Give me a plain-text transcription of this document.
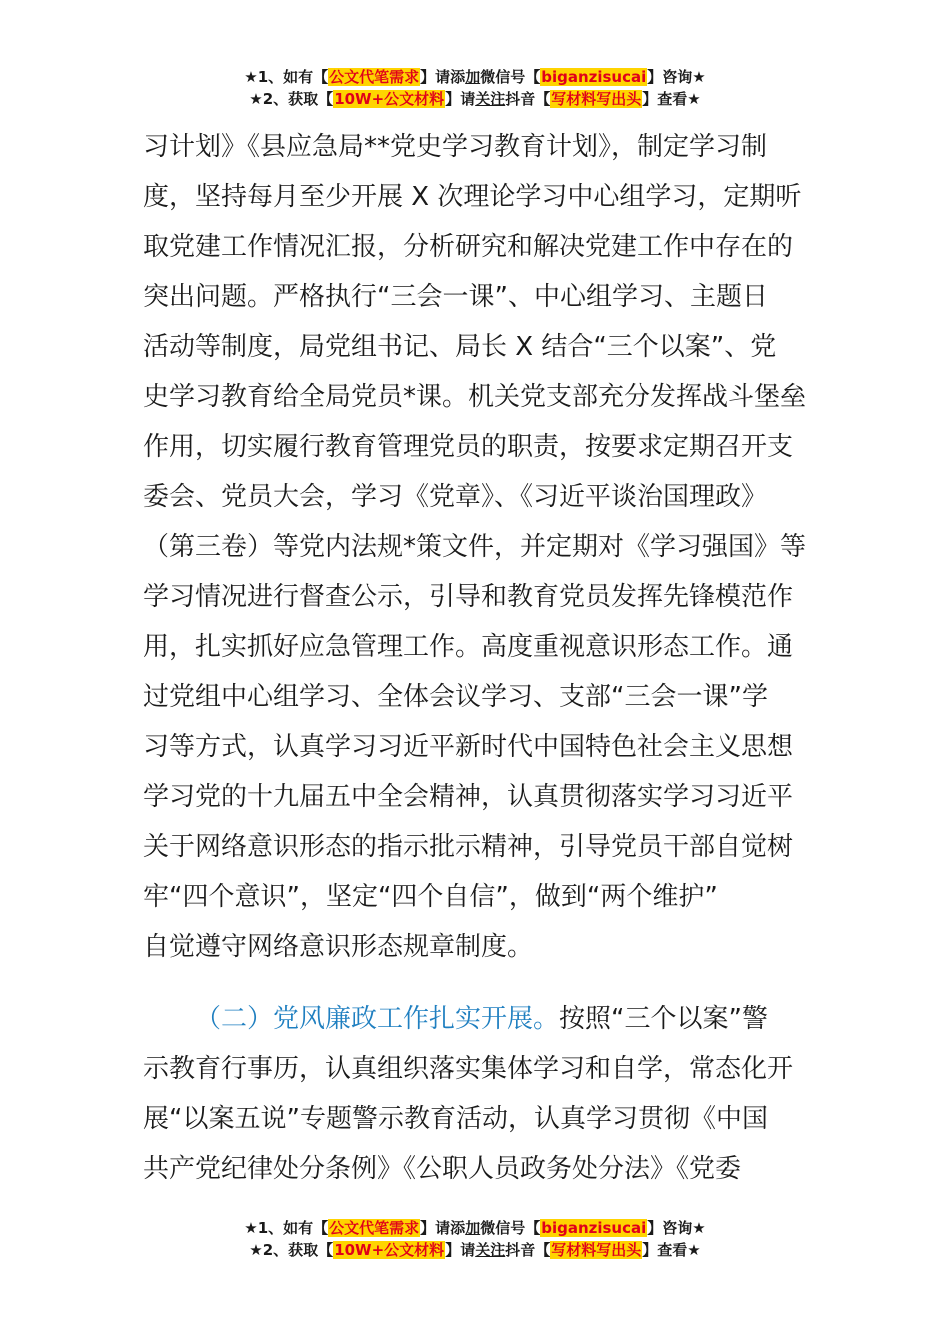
★1、如有【公文代笔需求】请添加微信号【biganzisucai】咨询★
★2、获取【10W+公文材料】请关注抖音【写材料写出头】查看★
习计划》《县应急局**党史学习教育计划》，制定学习制
度，坚持每月至少开展 X 次理论学习中心组学习，定期听
取党建工作情况汇报，分析研究和解决党建工作中存在的
突出问题。严格执行“三会一课”、中心组学习、主题日
活动等制度，局党组书记、局长 X 结合“三个以案”、党
史学习教育给全局党员*课。机关党支部充分发挥战斗堡垒
作用，切实履行教育管理党员的职责，按要求定期召开支
委会、党员大会，学习《党章》、《习近平谈治国理政》
（第三卷）等党内法规*策文件，并定期对《学习强国》等
学习情况进行督查公示，引导和教育党员发挥先锋模范作
用，扎实抓好应急管理工作。高度重视意识形态工作。通
过党组中心组学习、全体会议学习、支部“三会一课”学
习等方式，认真学习习近平新时代中国特色社会主义思想
学习党的十九届五中全会精神，认真贯彻落实学习习近平
关于网络意识形态的指示批示精神，引导党员干部自觉树
牢“四个意识”，坚定“四个自信”，做到“两个维护”
自觉遵守网络意识形态规章制度。
（二）党风廉政工作扎实开展。按照“三个以案”警
示教育行事历，认真组织落实集体学习和自学，常态化开
展“以案五说”专题警示教育活动，认真学习贯彻《中国
共产党纪律处分条例》《公职人员政务处分法》《党委
★1、如有【公文代笔需求】请添加微信号【biganzisucai】咨询★
★2、获取【10W+公文材料】请关注抖音【写材料写出头】查看★
